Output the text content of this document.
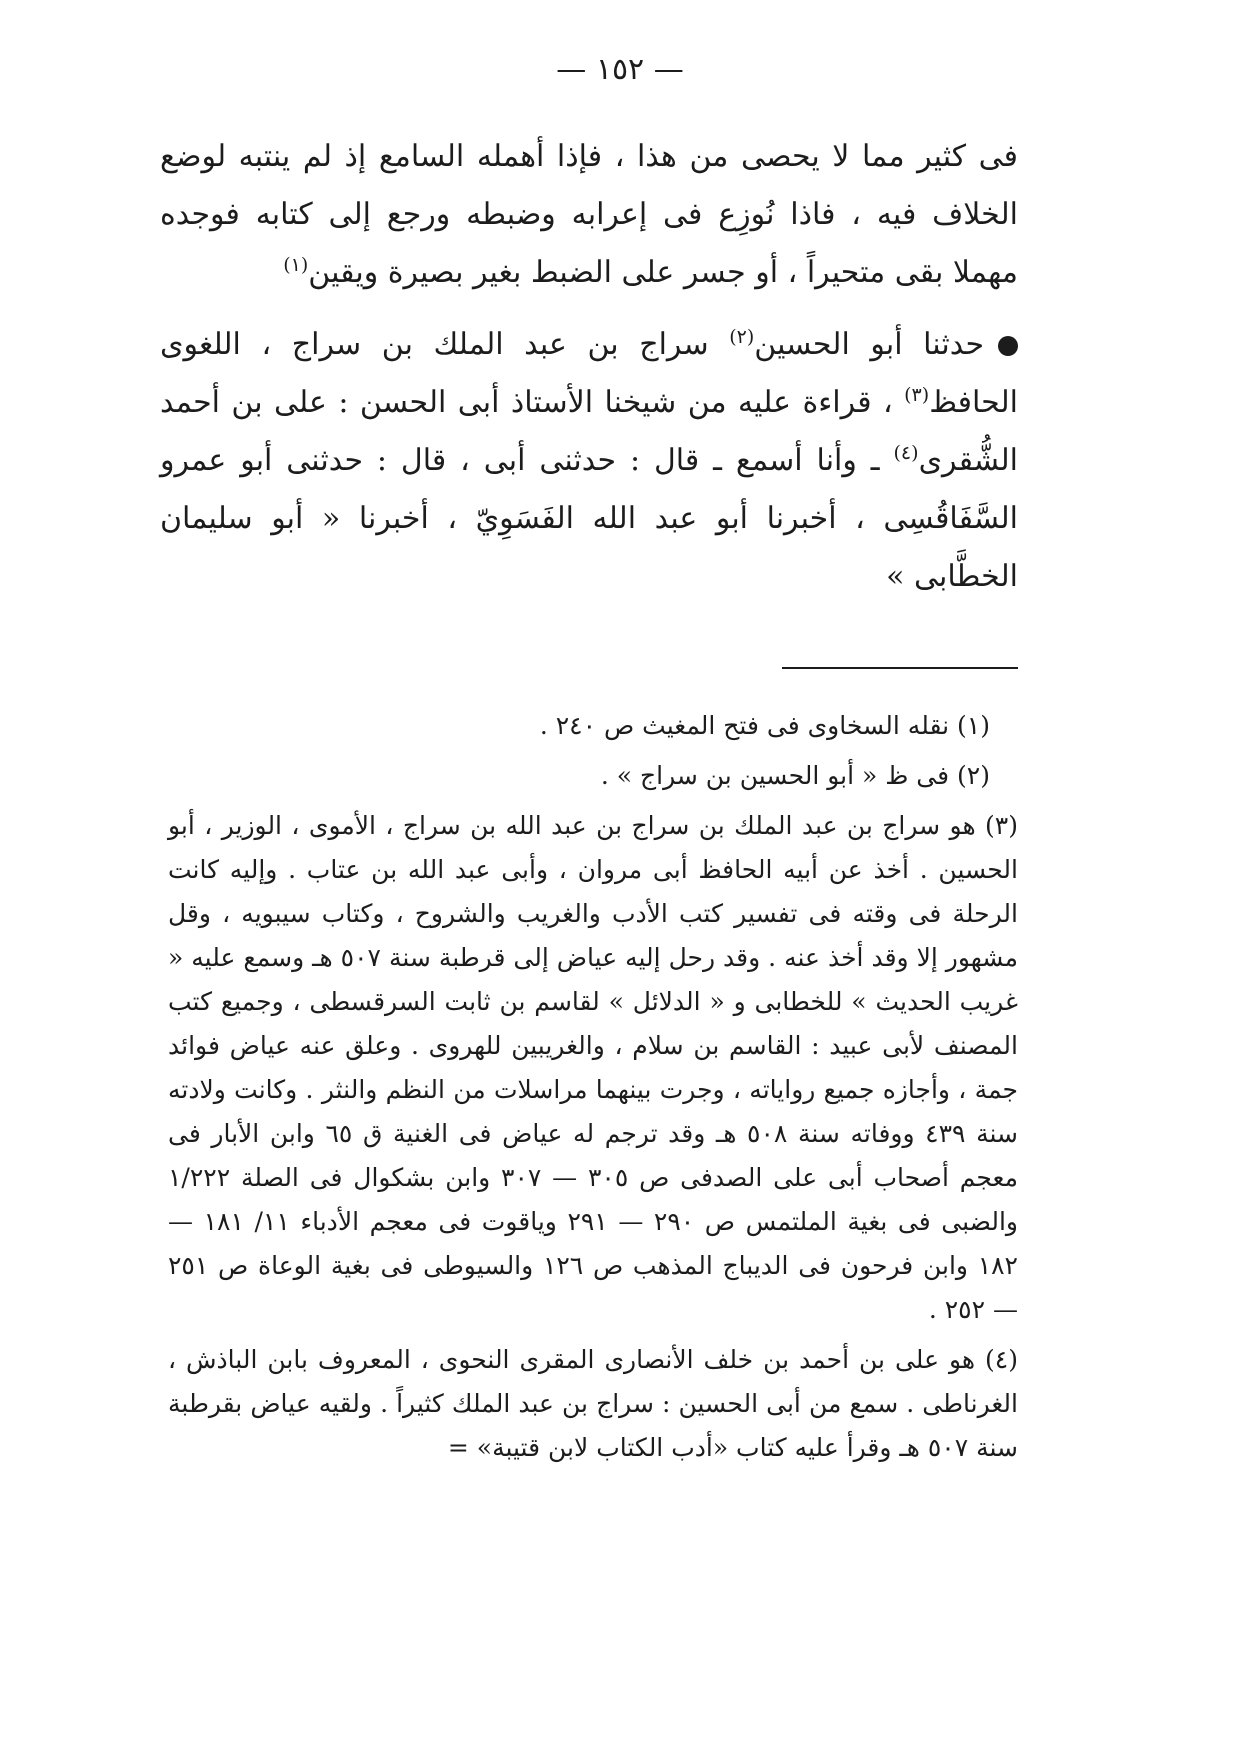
— ١٥٢ —

فى كثير مما لا يحصى من هذا ، فإذا أهمله السامع إذ لم ينتبه لوضع الخلاف فيه ، فاذا نُوزِع فى إعرابه وضبطه ورجع إلى كتابه فوجده مهملا بقى متحيراً ، أو جسر على الضبط بغير بصيرة ويقين$^{(١)}$

حدثنا أبو الحسين$^{(٢)}$ سراج بن عبد الملك بن سراج ، اللغوى الحافظ$^{(٣)}$ ، قراءة عليه من شيخنا الأستاذ أبى الحسن : على بن أحمد الشُّقرى$^{(٤)}$ ـ وأنا أسمع ـ قال : حدثنى أبى ، قال : حدثنى أبو عمرو السَّفَاقُسِى ، أخبرنا أبو عبد الله الفَسَوِيّ ، أخبرنا « أبو سليمان الخطَّابى »

(١) نقله السخاوى فى فتح المغيث ص ٢٤٠ .

(٢) فى ظ « أبو الحسين بن سراج » .

(٣) هو سراج بن عبد الملك بن سراج بن عبد الله بن سراج ، الأموى ، الوزير ، أبو الحسين . أخذ عن أبيه الحافظ أبى مروان ، وأبى عبد الله بن عتاب . وإليه كانت الرحلة فى وقته فى تفسير كتب الأدب والغريب والشروح ، وكتاب سيبويه ، وقل مشهور إلا وقد أخذ عنه . وقد رحل إليه عياض إلى قرطبة سنة ٥٠٧ هـ وسمع عليه « غريب الحديث » للخطابى و « الدلائل » لقاسم بن ثابت السرقسطى ، وجميع كتب المصنف لأبى عبيد : القاسم بن سلام ، والغريبين للهروى . وعلق عنه عياض فوائد جمة ، وأجازه جميع رواياته ، وجرت بينهما مراسلات من النظم والنثر . وكانت ولادته سنة ٤٣٩ ووفاته سنة ٥٠٨ هـ وقد ترجم له عياض فى الغنية ق ٦٥ وابن الأبار فى معجم أصحاب أبى على الصدفى ص ٣٠٥ — ٣٠٧ وابن بشكوال فى الصلة ١/٢٢٢ والضبى فى بغية الملتمس ص ٢٩٠ — ٢٩١ وياقوت فى معجم الأدباء ١١/ ١٨١ — ١٨٢ وابن فرحون فى الديباج المذهب ص ١٢٦ والسيوطى فى بغية الوعاة ص ٢٥١ — ٢٥٢ .

(٤) هو على بن أحمد بن خلف الأنصارى المقرى النحوى ، المعروف بابن الباذش ، الغرناطى . سمع من أبى الحسين : سراج بن عبد الملك كثيراً . ولقيه عياض بقرطبة سنة ٥٠٧ هـ وقرأ عليه كتاب «أدب الكتاب لابن قتيبة» =
